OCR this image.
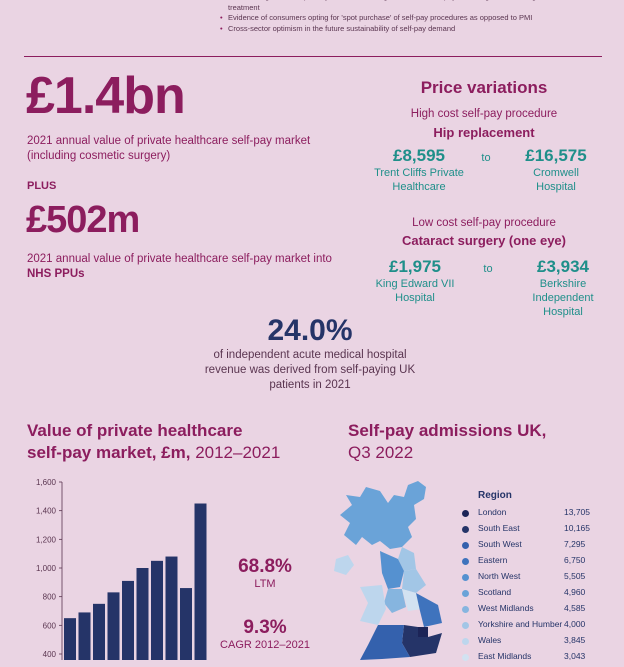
• treatment
• Evidence of consumers opting for 'spot purchase' of self-pay procedures as opposed to PMI
• Cross-sector optimism in the future sustainability of self-pay demand
£1.4bn
2021 annual value of private healthcare self-pay market (including cosmetic surgery)
PLUS
£502m
2021 annual value of private healthcare self-pay market into
NHS PPUs
Price variations
High cost self-pay procedure
Hip replacement
£8,595	to	£16,575
Trent Cliffs Private Healthcare
Cromwell Hospital
Low cost self-pay procedure
Cataract surgery (one eye)
£1,975	to	£3,934
King Edward VII Hospital
Berkshire Independent Hospital
24.0%
of independent acute medical hospital revenue was derived from self-paying UK patients in 2021
Value of private healthcare
self-pay market, £m, 2012–2021
400
600
800
1,000
1,200
1,400
1,600
68.8%
LTM
9.3%
CAGR 2012–2021
Self-pay admissions UK,
Q3 2022
Region
London	13,705
South East	10,165
South West	7,295
Eastern	6,750
North West	5,505
Scotland	4,960
West Midlands	4,585
Yorkshire and Humber 4,000
Wales	3,845
East Midlands	3,043
